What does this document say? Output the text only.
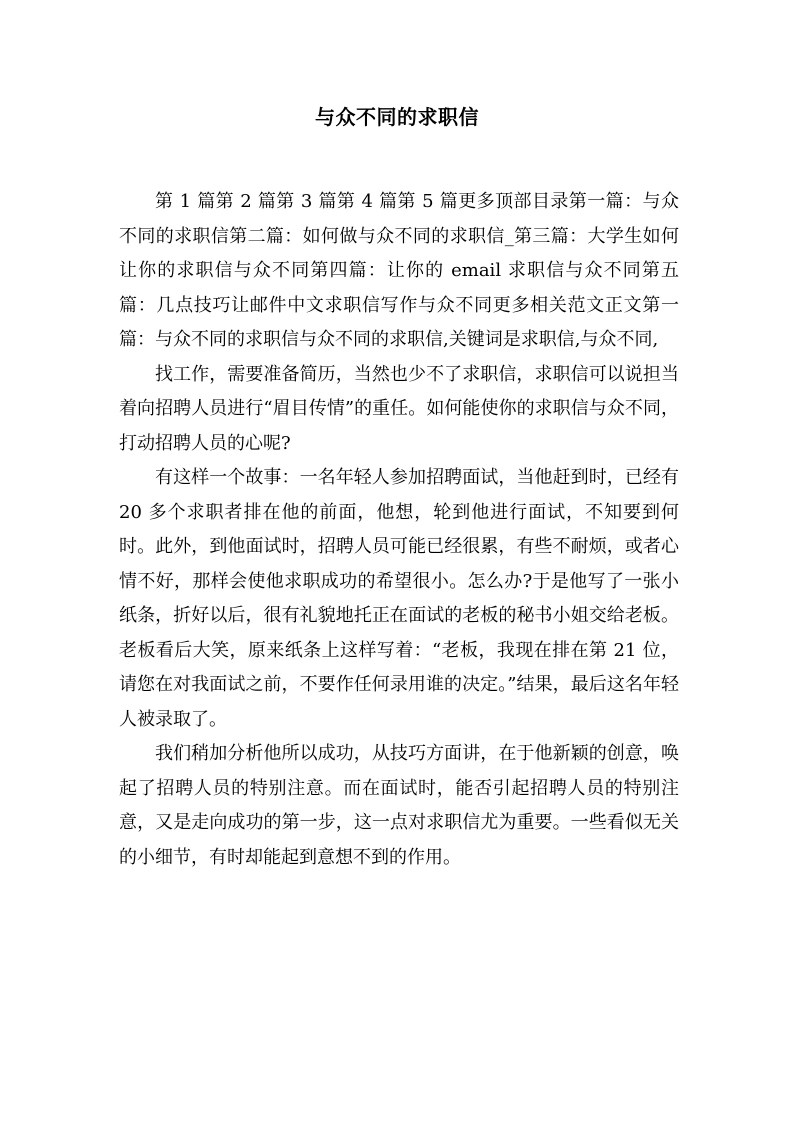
与众不同的求职信

第 1 篇第 2 篇第 3 篇第 4 篇第 5 篇更多顶部目录第一篇：与众不同的求职信第二篇：如何做与众不同的求职信_第三篇：大学生如何让你的求职信与众不同第四篇：让你的 email 求职信与众不同第五篇：几点技巧让邮件中文求职信写作与众不同更多相关范文正文第一篇：与众不同的求职信与众不同的求职信,关键词是求职信,与众不同,

找工作，需要准备简历，当然也少不了求职信，求职信可以说担当着向招聘人员进行“眉目传情”的重任。如何能使你的求职信与众不同，打动招聘人员的心呢?

有这样一个故事：一名年轻人参加招聘面试，当他赶到时，已经有 20 多个求职者排在他的前面，他想，轮到他进行面试，不知要到何时。此外，到他面试时，招聘人员可能已经很累，有些不耐烦，或者心情不好，那样会使他求职成功的希望很小。怎么办?于是他写了一张小纸条，折好以后，很有礼貌地托正在面试的老板的秘书小姐交给老板。老板看后大笑，原来纸条上这样写着：“老板，我现在排在第 21 位，请您在对我面试之前，不要作任何录用谁的决定。”结果，最后这名年轻人被录取了。

我们稍加分析他所以成功，从技巧方面讲，在于他新颖的创意，唤起了招聘人员的特别注意。而在面试时，能否引起招聘人员的特别注意，又是走向成功的第一步，这一点对求职信尤为重要。一些看似无关的小细节，有时却能起到意想不到的作用。
